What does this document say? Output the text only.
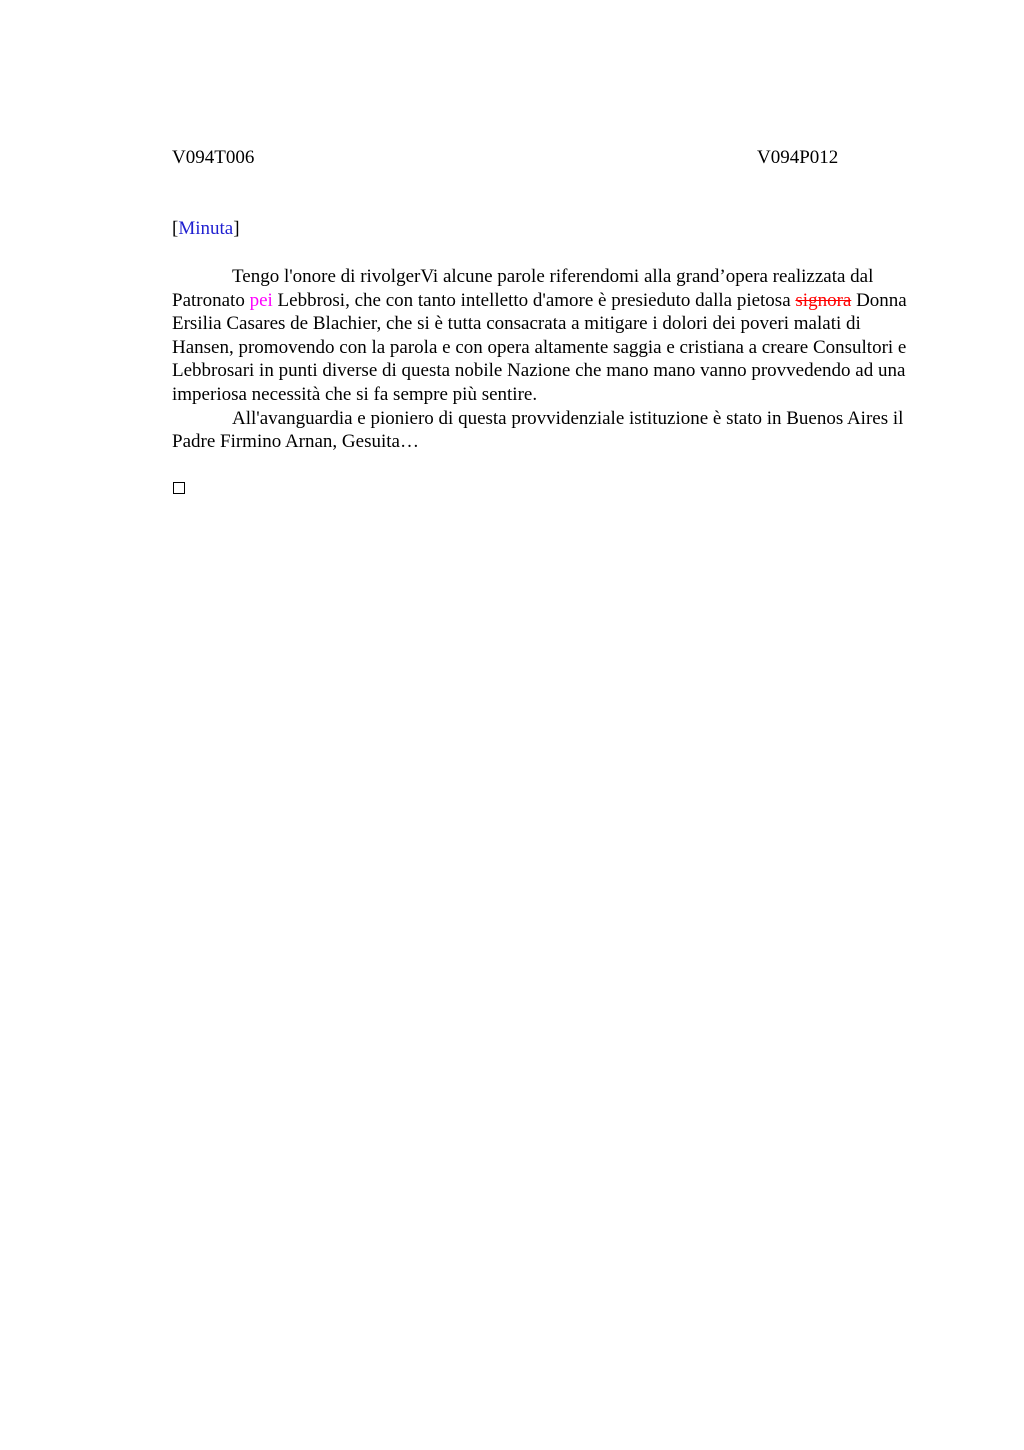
V094T006	V094P012
[Minuta]

Tengo l'onore di rivolgerVi alcune parole riferendomi alla grand’opera realizzata dal Patronato pei Lebbrosi, che con tanto intelletto d'amore è presieduto dalla pietosa signora Donna Ersilia Casares de Blachier, che si è tutta consacrata a mitigare i dolori dei poveri malati di Hansen, promovendo con la parola e con opera altamente saggia e cristiana a creare Consultori e Lebbrosari in punti diverse di questa nobile Nazione che mano mano vanno provvedendo ad una imperiosa necessità che si fa sempre più sentire.

All'avanguardia e pioniero di questa provvidenziale istituzione è stato in Buenos Aires il Padre Firmino Arnan, Gesuita…
